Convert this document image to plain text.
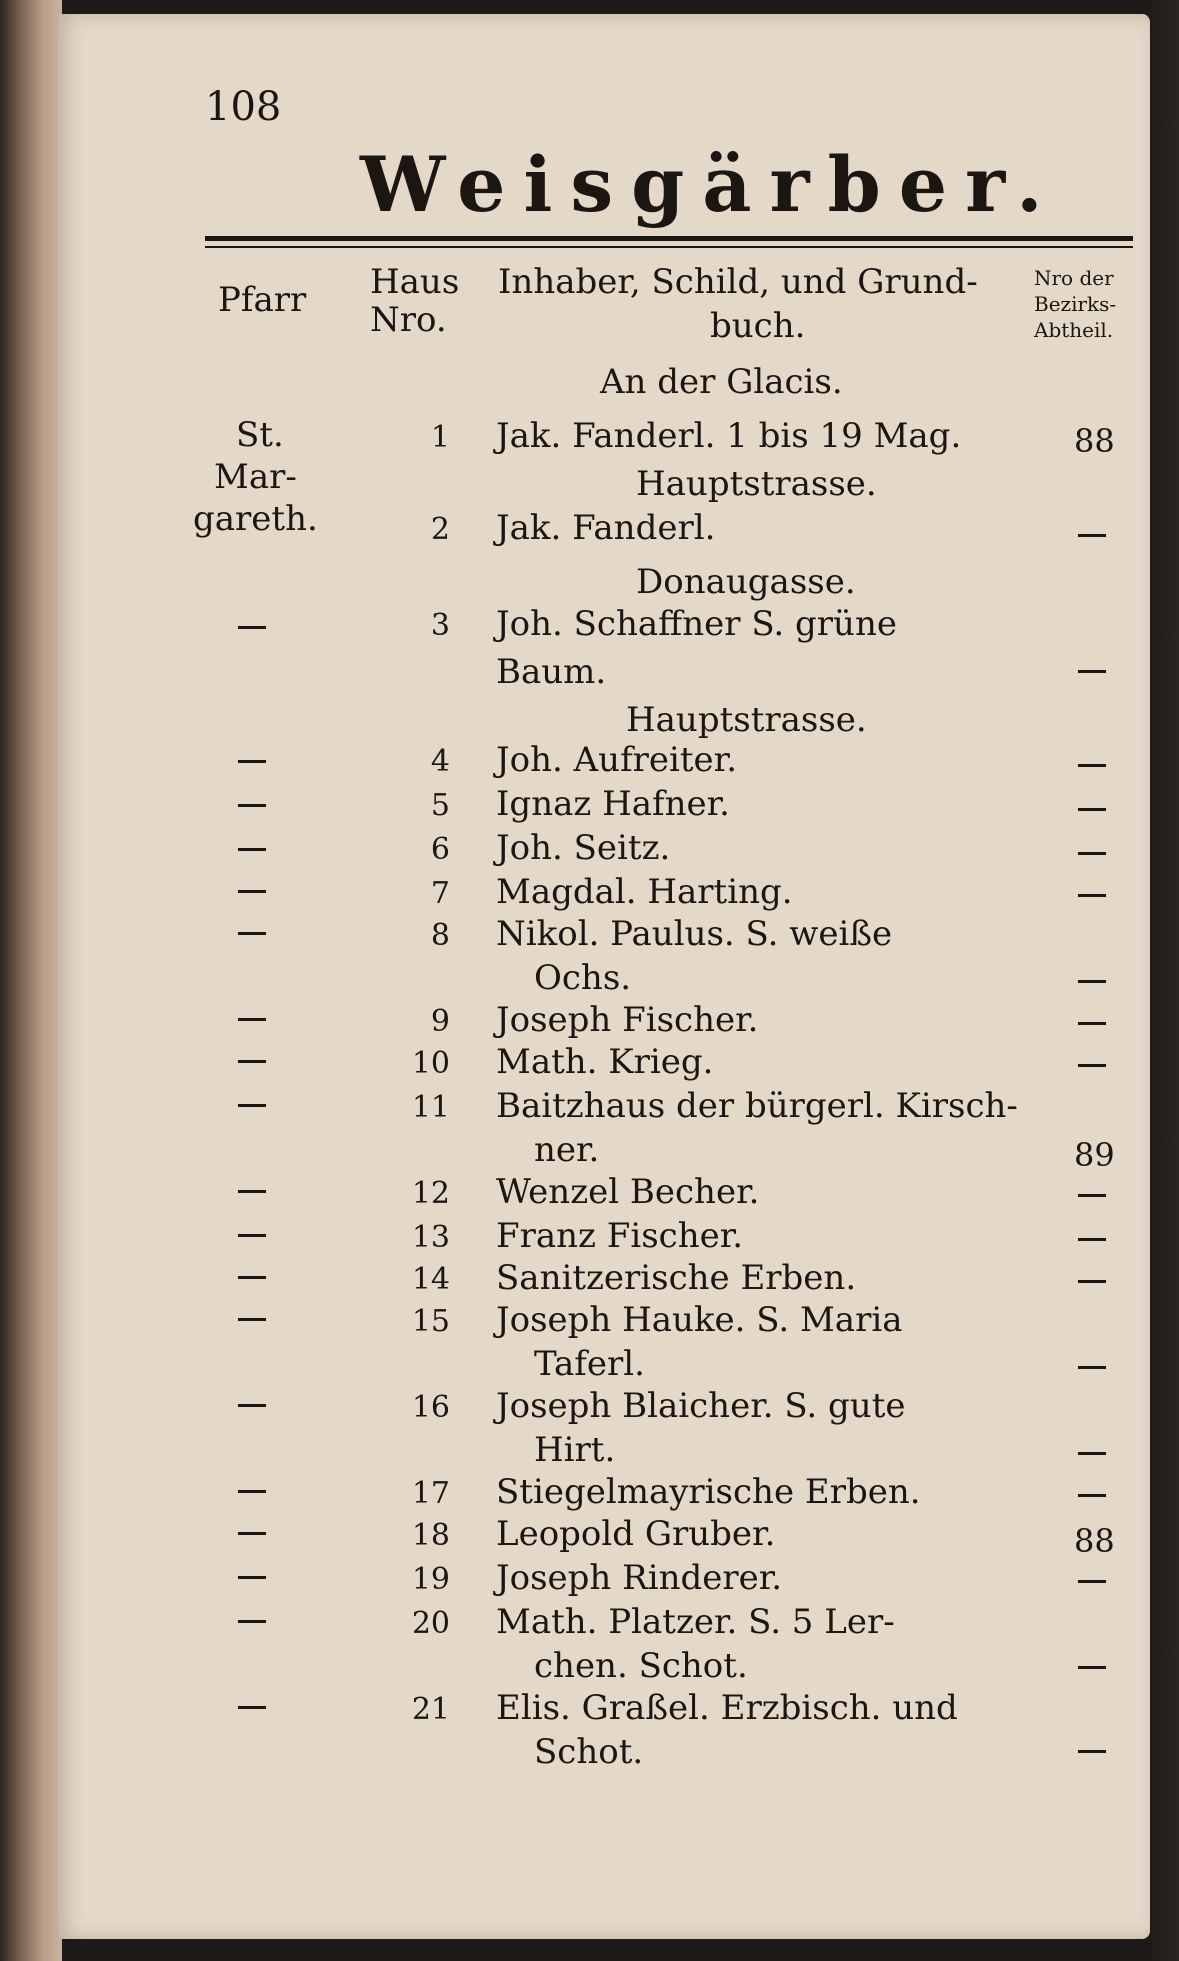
108
Weisgärber.
Pfarr Haus
Nro.
Inhaber, Schild, und Grund-
buch.
Nro der
Bezirks-
Abtheil.
St.
Mar-
gareth.
An der Glacis.
Hauptstrasse.
Donaugasse.
Hauptstrasse.
1
2
3
4
5
6
7
8
9
10
11
12
13
14
15
16
17
18
19
20
21
Jak. Fanderl. 1 bis 19 Mag.
Jak. Fanderl.
Joh. Schaffner S. grüne
Joh. Aufreiter.
Ignaz Hafner.
Joh. Seitz.
Magdal. Harting.
Nikol. Paulus. S. weiße
Joseph Fischer.
Math. Krieg.
Baitzhaus der bürgerl. Kirsch-
Wenzel Becher.
Franz Fischer.
Sanitzerische Erben.
Joseph Hauke. S. Maria
Joseph Blaicher. S. gute
Stiegelmayrische Erben.
Leopold Gruber.
Joseph Rinderer.
Math. Platzer. S. 5 Ler-
Elis. Graßel. Erzbisch. und
Baum.
Ochs.
ner.
Taferl.
Hirt.
chen. Schot.
Schot.
88
89
88
